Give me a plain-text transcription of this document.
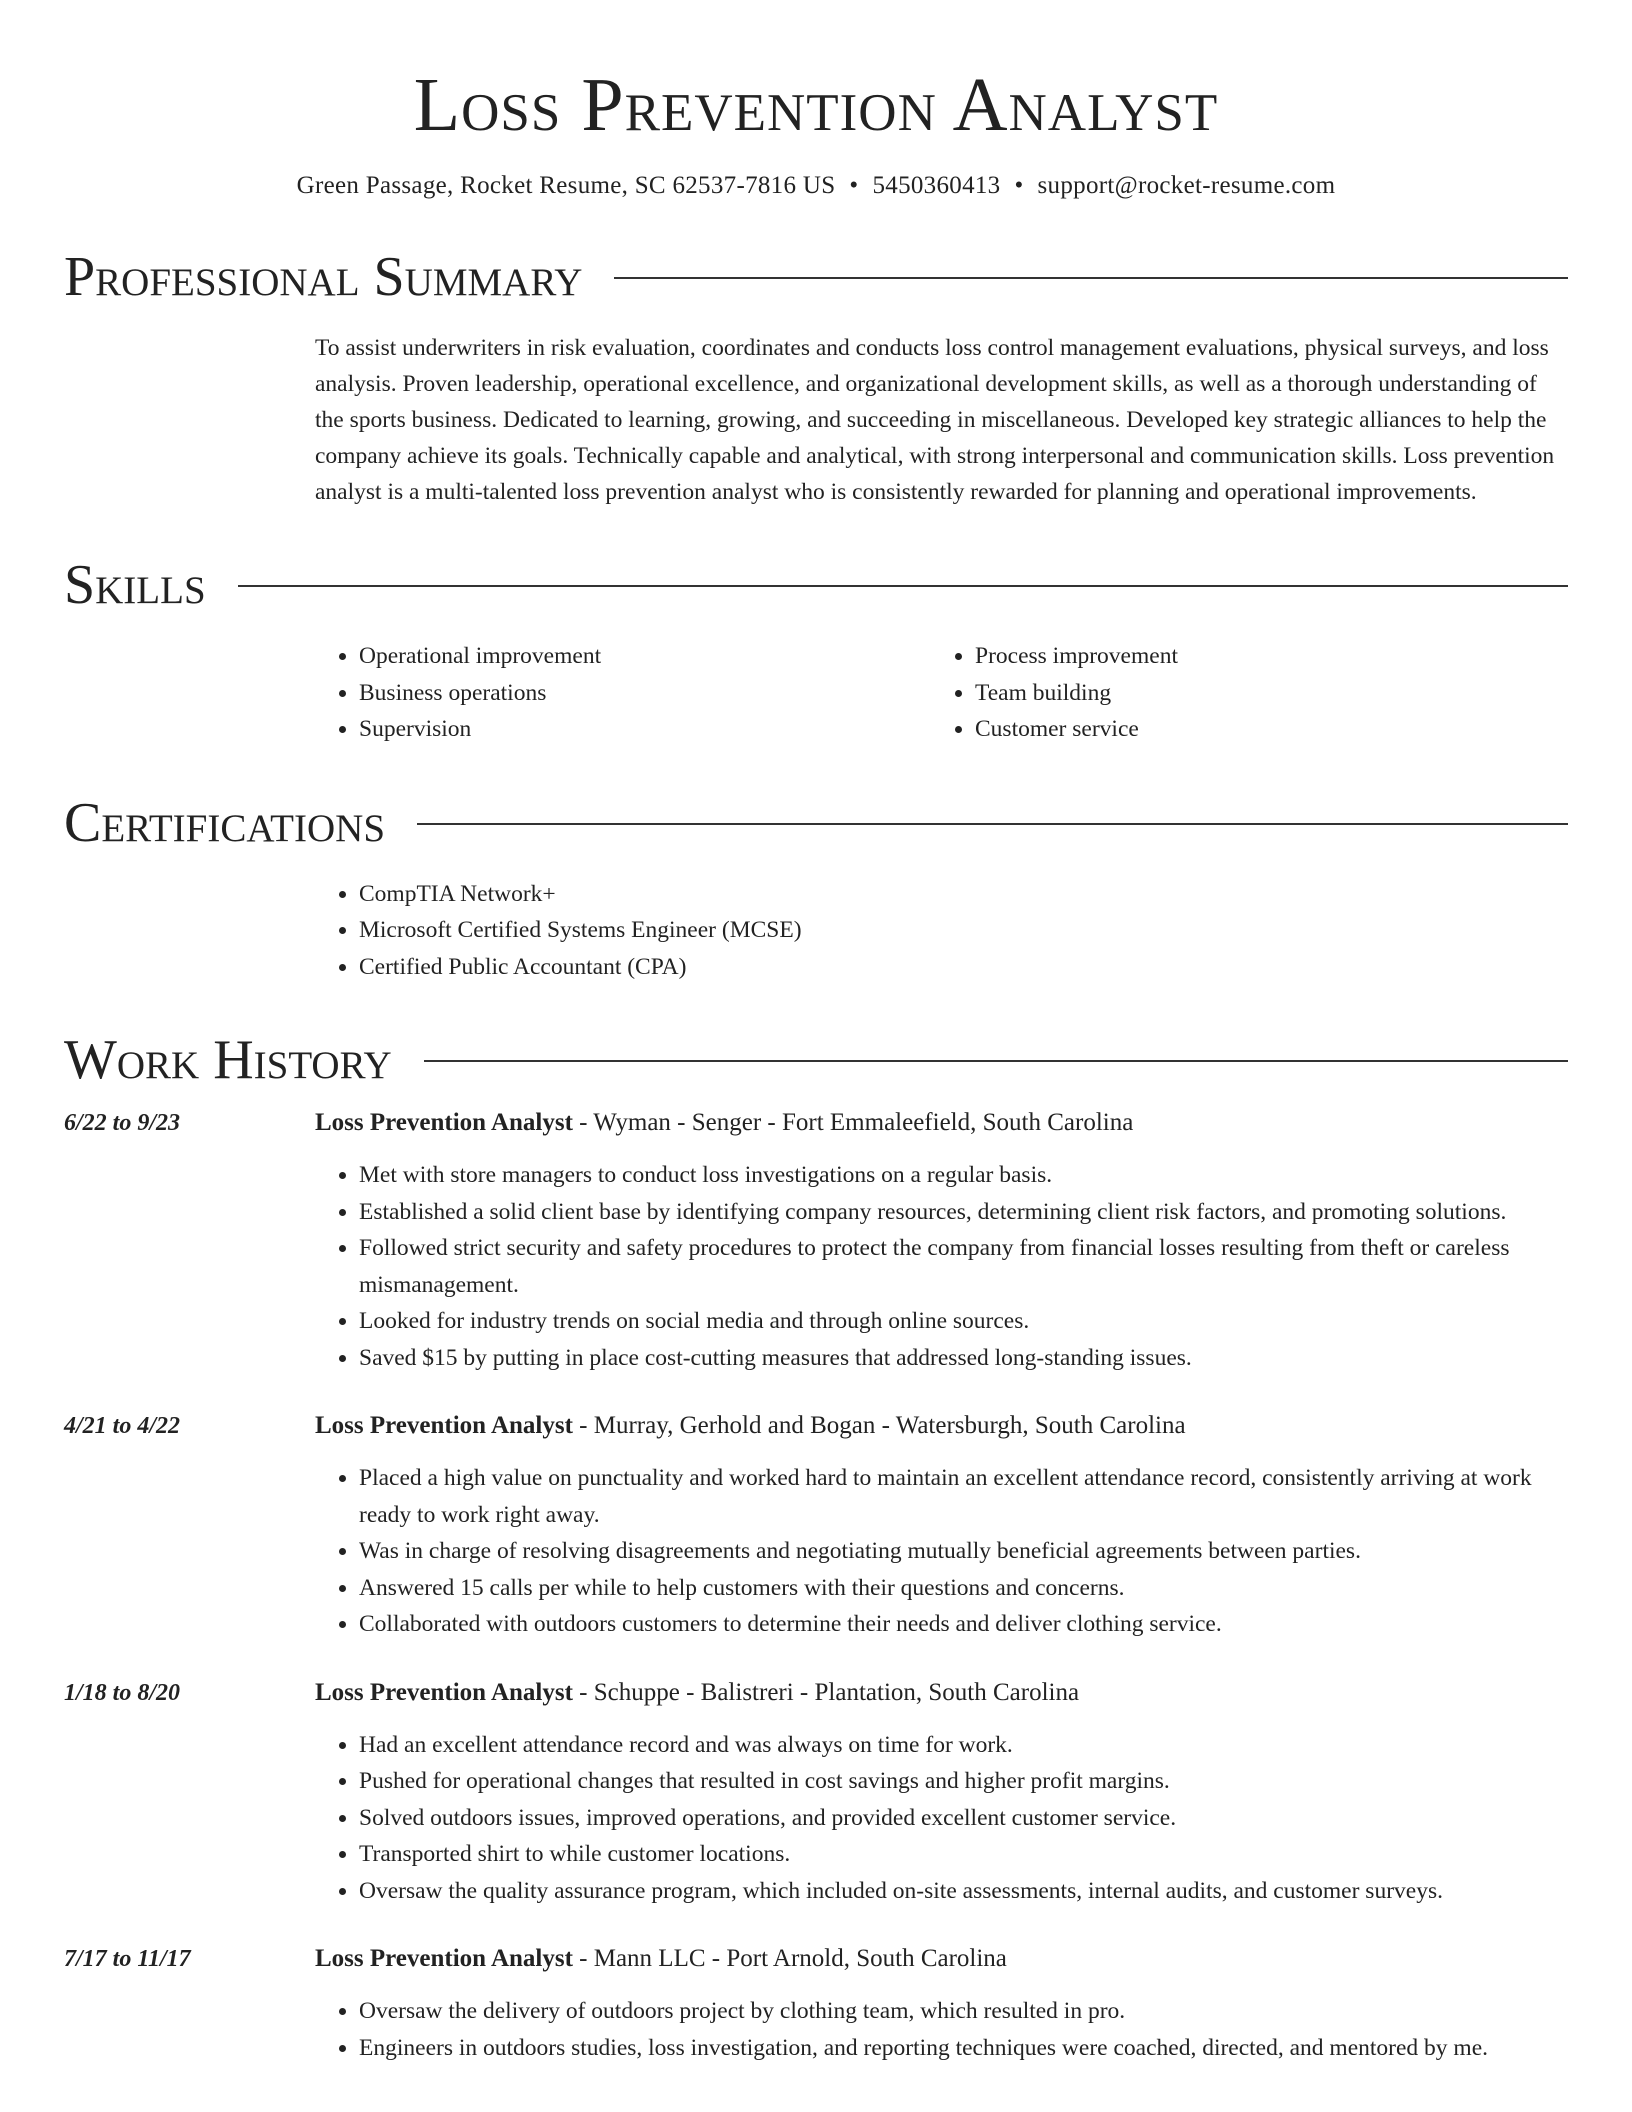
Loss Prevention Analyst
Green Passage, Rocket Resume, SC 62537-7816 US • 5450360413 • support@rocket-resume.com
Professional Summary
To assist underwriters in risk evaluation, coordinates and conducts loss control management evaluations, physical surveys, and loss analysis. Proven leadership, operational excellence, and organizational development skills, as well as a thorough understanding of the sports business. Dedicated to learning, growing, and succeeding in miscellaneous. Developed key strategic alliances to help the company achieve its goals. Technically capable and analytical, with strong interpersonal and communication skills. Loss prevention analyst is a multi-talented loss prevention analyst who is consistently rewarded for planning and operational improvements.
Skills
• Operational improvement
• Business operations
• Supervision
• Process improvement
• Team building
• Customer service
Certifications
• CompTIA Network+
• Microsoft Certified Systems Engineer (MCSE)
• Certified Public Accountant (CPA)
Work History
6/22 to 9/23	Loss Prevention Analyst - Wyman - Senger - Fort Emmaleefield, South Carolina
• Met with store managers to conduct loss investigations on a regular basis.
• Established a solid client base by identifying company resources, determining client risk factors, and promoting solutions.
• Followed strict security and safety procedures to protect the company from financial losses resulting from theft or careless mismanagement.
• Looked for industry trends on social media and through online sources.
• Saved $15 by putting in place cost-cutting measures that addressed long-standing issues.
4/21 to 4/22	Loss Prevention Analyst - Murray, Gerhold and Bogan - Watersburgh, South Carolina
• Placed a high value on punctuality and worked hard to maintain an excellent attendance record, consistently arriving at work ready to work right away.
• Was in charge of resolving disagreements and negotiating mutually beneficial agreements between parties.
• Answered 15 calls per while to help customers with their questions and concerns.
• Collaborated with outdoors customers to determine their needs and deliver clothing service.
1/18 to 8/20	Loss Prevention Analyst - Schuppe - Balistreri - Plantation, South Carolina
• Had an excellent attendance record and was always on time for work.
• Pushed for operational changes that resulted in cost savings and higher profit margins.
• Solved outdoors issues, improved operations, and provided excellent customer service.
• Transported shirt to while customer locations.
• Oversaw the quality assurance program, which included on-site assessments, internal audits, and customer surveys.
7/17 to 11/17	Loss Prevention Analyst - Mann LLC - Port Arnold, South Carolina
• Oversaw the delivery of outdoors project by clothing team, which resulted in pro.
• Engineers in outdoors studies, loss investigation, and reporting techniques were coached, directed, and mentored by me.
